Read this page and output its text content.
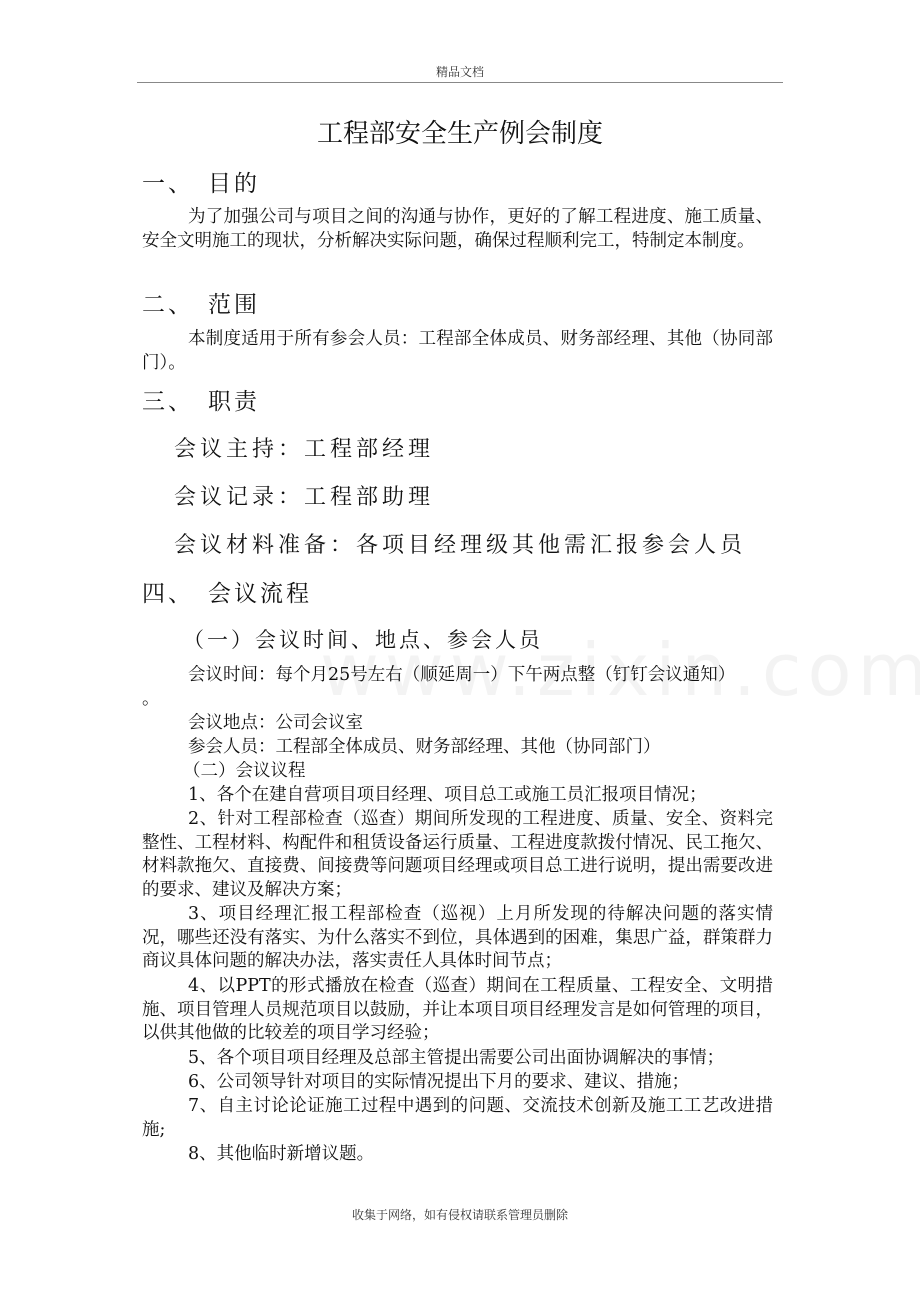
精品文档
工程部安全生产例会制度
一、 目的

为了加强公司与项目之间的沟通与协作，更好的了解工程进度、施工质量、安全文明施工的现状，分析解决实际问题，确保过程顺利完工，特制定本制度。

二、 范围

本制度适用于所有参会人员：工程部全体成员、财务部经理、其他（协同部门）。

三、 职责
会议主持：工程部经理
会议记录：工程部助理
会议材料准备：各项目经理级其他需汇报参会人员
四、 会议流程
（一）会议时间、地点、参会人员
会议时间：每个月25号左右（顺延周一）下午两点整（钉钉会议通知）
。
会议地点：公司会议室
参会人员：工程部全体成员、财务部经理、其他（协同部门）
（二）会议议程

1、各个在建自营项目项目经理、项目总工或施工员汇报项目情况；

2、针对工程部检查（巡查）期间所发现的工程进度、质量、安全、资料完整性、工程材料、构配件和租赁设备运行质量、工程进度款拨付情况、民工拖欠、材料款拖欠、直接费、间接费等问题项目经理或项目总工进行说明，提出需要改进的要求、建议及解决方案；

3、项目经理汇报工程部检查（巡视）上月所发现的待解决问题的落实情况，哪些还没有落实、为什么落实不到位，具体遇到的困难，集思广益，群策群力商议具体问题的解决办法，落实责任人具体时间节点；

4、以PPT的形式播放在检查（巡查）期间在工程质量、工程安全、文明措施、项目管理人员规范项目以鼓励，并让本项目项目经理发言是如何管理的项目，以供其他做的比较差的项目学习经验；

5、各个项目项目经理及总部主管提出需要公司出面协调解决的事情；

6、公司领导针对项目的实际情况提出下月的要求、建议、措施；

7、自主讨论论证施工过程中遇到的问题、交流技术创新及施工工艺改进措施;

8、其他临时新增议题。

收集于网络，如有侵权请联系管理员删除
